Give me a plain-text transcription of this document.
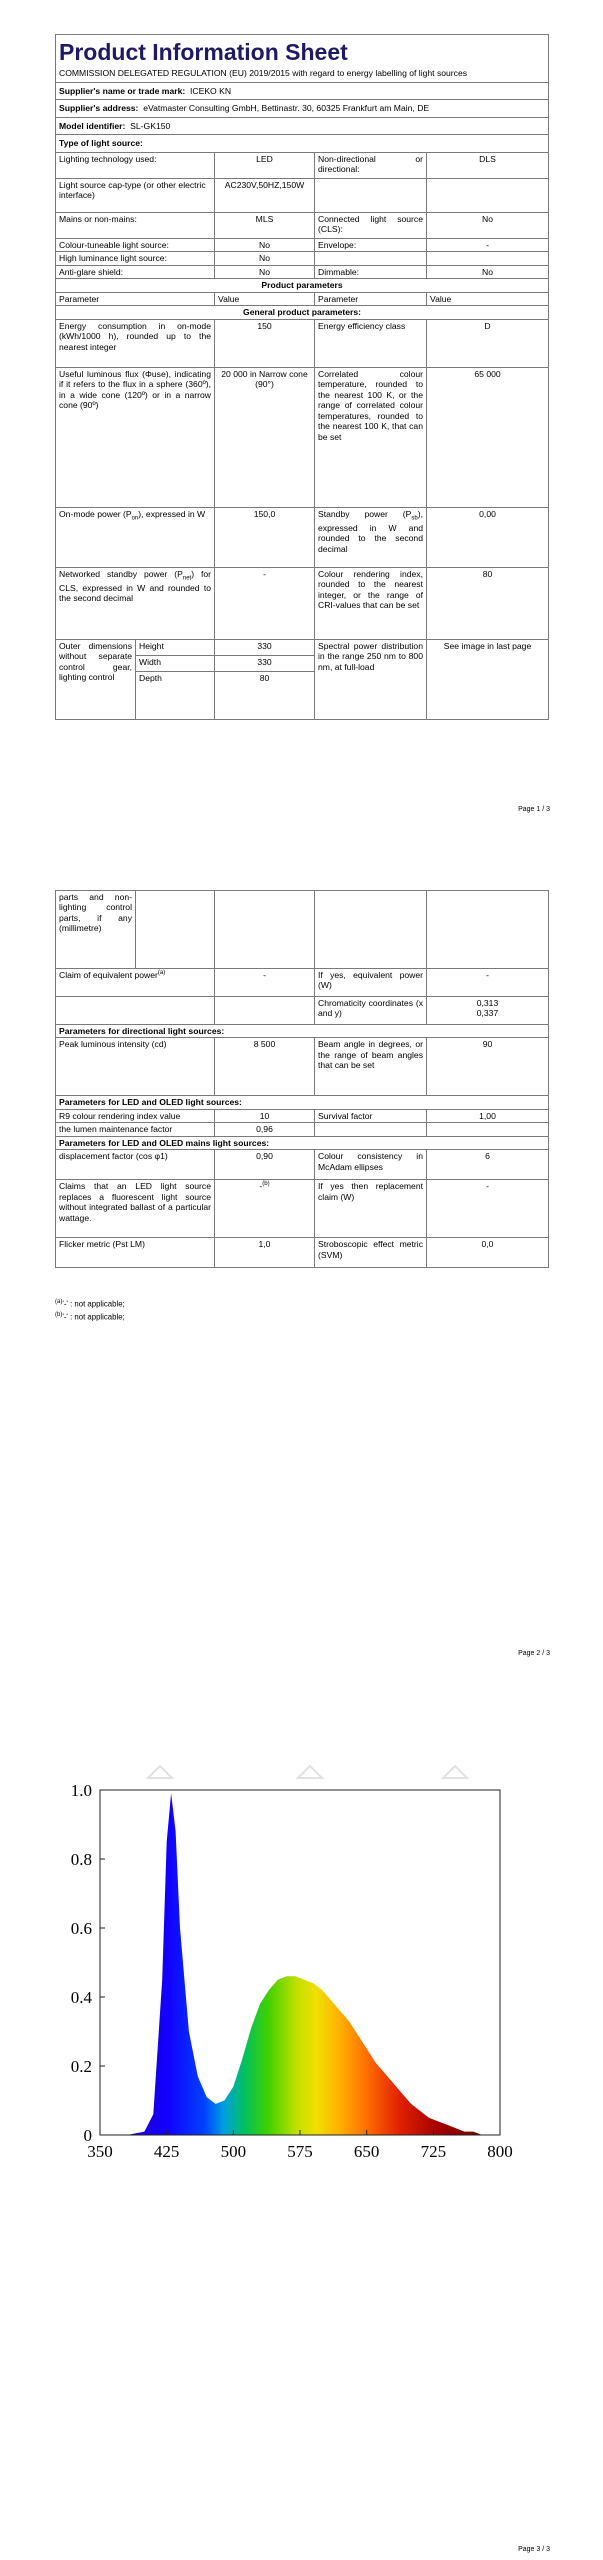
Product Information Sheet
COMMISSION DELEGATED REGULATION (EU) 2019/2015 with regard to energy labelling of light sources				

Supplier's name or trade mark: ICEKO KN				
Supplier's address: eVatmaster Consulting GmbH, Bettinastr. 30, 60325 Frankfurt am Main, DE				
Model identifier: SL-GK150				
Type of light source:				
Lighting technology used:		LED	Non-directional or directional:	DLS
Light source cap-type (or other electric interface)		AC230V,50HZ,150W		
Mains or non-mains:		MLS	Connected light source (CLS):	No
Colour-tuneable light source:		No	Envelope:	-
High luminance light source:		No		
Anti-glare shield:		No	Dimmable:	No
Product parameters				
Parameter		Value	Parameter	Value
General product parameters:				
Energy consumption in on-mode (kWh/1000 h), rounded up to the nearest integer		150	Energy efficiency class	D
Useful luminous flux (Φuse), indicating if it refers to the flux in a sphere (360º), in a wide cone (120º) or in a narrow cone (90º)		20 000 in Narrow cone (90°)	Correlated colour temperature, rounded to the nearest 100 K, or the range of correlated colour temperatures, rounded to the nearest 100 K, that can be set	65 000
On-mode power $(P_{on})$, expressed in W		150,0	Standby power $(P_{sb})$, expressed in W and rounded to the second decimal	0,00
Networked standby power $(P_{net})$ for CLS, expressed in W and rounded to the second decimal		-	Colour rendering index, rounded to the nearest integer, or the range of CRI-values that can be set	80
Outer dimensions without separate control gear, lighting control	Height	330	Spectral power distribution in the range 250 nm to 800 nm, at full-load	See image in last page
	Width	330		
	Depth	80		
Page 1 / 3
parts and non-lighting control parts, if any (millimetre)				
Claim of equivalent power$^{(a)}$		-	If yes, equivalent power (W)	-
			Chromaticity coordinates (x and y)	0,313
0,337

Parameters for directional light sources:				
Peak luminous intensity (cd)		8 500	Beam angle in degrees, or the range of beam angles that can be set	90
Parameters for LED and OLED light sources:				
R9 colour rendering index value		10	Survival factor	1,00
the lumen maintenance factor		0,96		
Parameters for LED and OLED mains light sources:				
displacement factor (cos φ1)		0,90	Colour consistency in McAdam ellipses	6
Claims that an LED light source replaces a fluorescent light source without integrated ballast of a particular wattage.		-$^{(b)}$	If yes then replacement claim (W)	-
Flicker metric (Pst LM)		1,0	Stroboscopic effect metric (SVM)	0,0
$^{(a)}$'-' : not applicable;
$^{(b)}$'-' : not applicable;
Page 2 / 3
350 425 500 575 650 725 800
0
0.2
0.4
0.6
0.8
1.0
Page 3 / 3
